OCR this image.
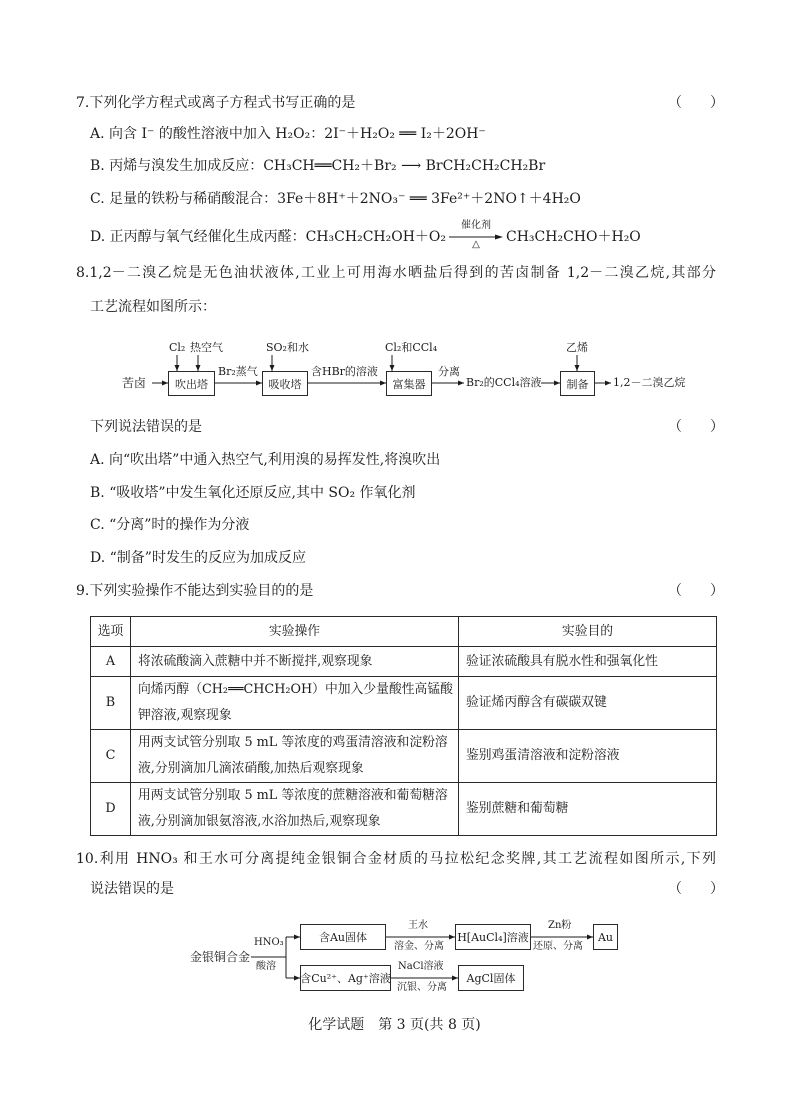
7.下列化学方程式或离子方程式书写正确的是	（　　）
A. 向含 I⁻ 的酸性溶液中加入 H₂O₂：2I⁻＋H₂O₂ ══ I₂＋2OH⁻
B. 丙烯与溴发生加成反应：CH₃CH══CH₂＋Br₂ ⟶ BrCH₂CH₂CH₂Br
C. 足量的铁粉与稀硝酸混合：3Fe＋8H⁺＋2NO₃⁻ ══ 3Fe²⁺＋2NO↑＋4H₂O
D. 正丙醇与氧气经催化生成丙醛：CH₃CH₂CH₂OH＋O₂
催化剂
△	CH₃CH₂CHO＋H₂O
8.1,2－二溴乙烷是无色油状液体,工业上可用海水晒盐后得到的苦卤制备 1,2－二溴乙烷,其部分
工艺流程如图所示：
Cl₂ 热空气	SO₂和水	Cl₂和CCl₄	乙烯
苦卤	吹出塔
Br₂蒸气
吸收塔
含HBr的溶液
富集器
分离
Br₂的CCl₄溶液	制备	1,2－二溴乙烷
下列说法错误的是	（　　）
A. 向“吹出塔”中通入热空气,利用溴的易挥发性,将溴吹出
B. “吸收塔”中发生氧化还原反应,其中 SO₂ 作氧化剂
C. “分离”时的操作为分液
D. “制备”时发生的反应为加成反应
9.下列实验操作不能达到实验目的的是	（　　）
选项	实验操作	实验目的
A	将浓硫酸滴入蔗糖中并不断搅拌,观察现象	验证浓硫酸具有脱水性和强氧化性
B	向烯丙醇（CH₂══CHCH₂OH）中加入少量酸性高锰酸
钾溶液,观察现象	验证烯丙醇含有碳碳双键
C	用两支试管分别取 5 mL 等浓度的鸡蛋清溶液和淀粉溶
液,分别滴加几滴浓硝酸,加热后观察现象	鉴别鸡蛋清溶液和淀粉溶液
D	用两支试管分别取 5 mL 等浓度的蔗糖溶液和葡萄糖溶
液,分别滴加银氨溶液,水浴加热后,观察现象	鉴别蔗糖和葡萄糖
10.利用 HNO₃ 和王水可分离提纯金银铜合金材质的马拉松纪念奖牌,其工艺流程如图所示,下列
说法错误的是	（　　）
金银铜合金
HNO₃
酸溶
含Au固体
王水
溶金、分离
H[AuCl₄]溶液
Zn粉
还原、分离
Au
含Cu²⁺、Ag⁺溶液
NaCl溶液
沉银、分离
AgCl固体
化学试题　第 3 页(共 8 页)
